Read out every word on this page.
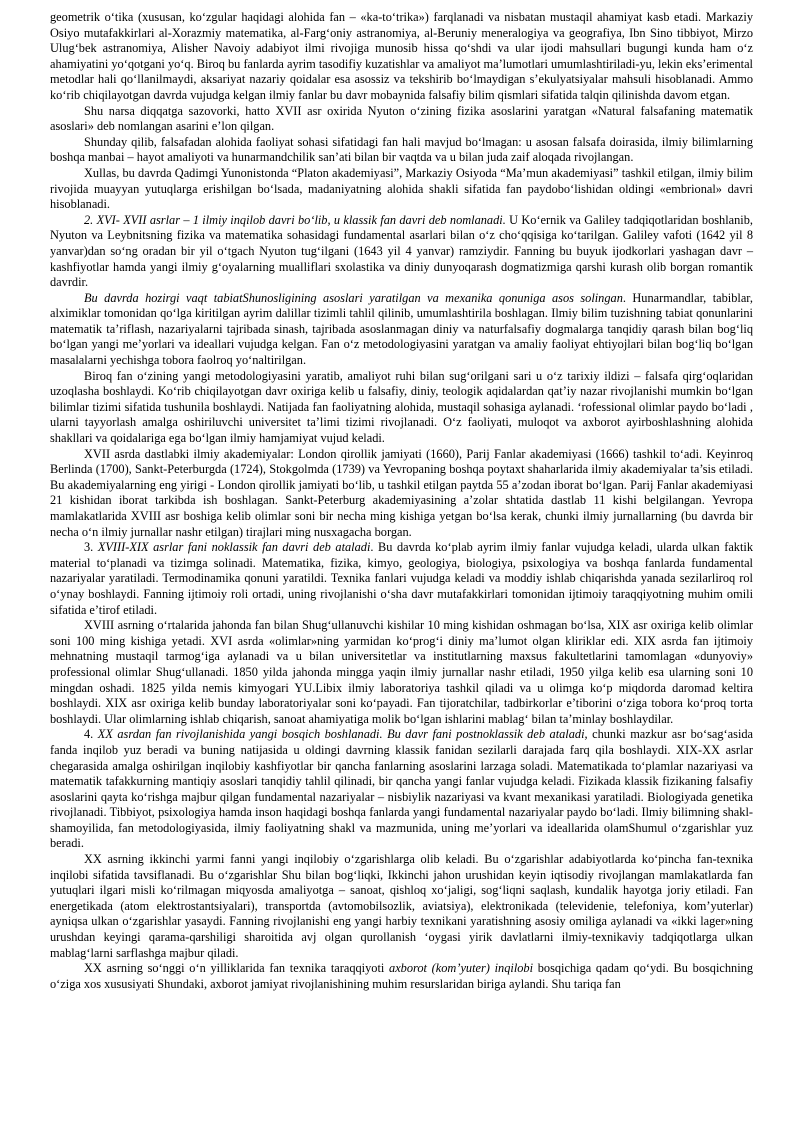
geometrik o‘tika (xususan, ko‘zgular haqidagi alohida fan – «ka-to‘trika») farqlanadi va nisbatan mustaqil ahamiyat kasb etadi. Markaziy Osiyo mutafakkirlari al-Xorazmiy matematika, al-Farg‘oniy astranomiya, al-Beruniy meneralogiya va geografiya, Ibn Sino tibbiyot, Mirzo Ulug‘bek astranomiya, Alisher Navoiy adabiyot ilmi rivojiga munosib hissa qo‘shdi va ular ijodi mahsullari bugungi kunda ham o‘z ahamiyatini yo‘qotgani yo‘q. Biroq bu fanlarda ayrim tasodifiy kuzatishlar va amaliyot ma’lumotlari umumlashtiriladi-yu, lekin eks’erimental metodlar hali qo‘llanilmaydi, aksariyat nazariy qoidalar esa asossiz va tekshirib bo‘lmaydigan s’ekulyatsiyalar mahsuli hisoblanadi. Ammo ko‘rib chiqilayotgan davrda vujudga kelgan ilmiy fanlar bu davr mobaynida falsafiy bilim qismlari sifatida talqin qilinishda davom etgan.

Shu narsa diqqatga sazovorki, hatto XVII asr oxirida Nyuton o‘zining fizika asoslarini yaratgan «Natural falsafaning matematik asoslari» deb nomlangan asarini e’lon qilgan.

Shunday qilib, falsafadan alohida faoliyat sohasi sifatidagi fan hali mavjud bo‘lmagan: u asosan falsafa doirasida, ilmiy bilimlarning boshqa manbai – hayot amaliyoti va hunarmandchilik san’ati bilan bir vaqtda va u bilan juda zaif aloqada rivojlangan.

Xullas, bu davrda Qadimgi Yunonistonda “Platon akademiyasi”, Markaziy Osiyoda “Ma’mun akademiyasi” tashkil etilgan, ilmiy bilim rivojida muayyan yutuqlarga erishilgan bo‘lsada, madaniyatning alohida shakli sifatida fan paydobo‘lishidan oldingi «embrional» davri hisoblanadi.

2. XVI- XVII asrlar – 1 ilmiy inqilob davri bo‘lib, u klassik fan davri deb nomlanadi. U Ko‘ernik va Galiley tadqiqotlaridan boshlanib, Nyuton va Leybnitsning fizika va matematika sohasidagi fundamental asarlari bilan o‘z cho‘qqisiga ko‘tarilgan. Galiley vafoti (1642 yil 8 yanvar)dan so‘ng oradan bir yil o‘tgach Nyuton tug‘ilgani (1643 yil 4 yanvar) ramziydir. Fanning bu buyuk ijodkorlari yashagan davr – kashfiyotlar hamda yangi ilmiy g‘oyalarning mualliflari sxolastika va diniy dunyoqarash dogmatizmiga qarshi kurash olib borgan romantik davrdir.

Bu davrda hozirgi vaqt tabiatShunosligining asoslari yaratilgan va mexanika qonuniga asos solingan. Hunarmandlar, tabiblar, alximiklar tomonidan qo‘lga kiritilgan ayrim dalillar tizimli tahlil qilinib, umumlashtirila boshlagan. Ilmiy bilim tuzishning tabiat qonunlarini matematik ta’riflash, nazariyalarni tajribada sinash, tajribada asoslanmagan diniy va naturfalsafiy dogmalarga tanqidiy qarash bilan bog‘liq bo‘lgan yangi me’yorlari va ideallari vujudga kelgan. Fan o‘z metodologiyasini yaratgan va amaliy faoliyat ehtiyojlari bilan bog‘liq bo‘lgan masalalarni yechishga tobora faolroq yo‘naltirilgan.

Biroq fan o‘zining yangi metodologiyasini yaratib, amaliyot ruhi bilan sug‘orilgani sari u o‘z tarixiy ildizi – falsafa qirg‘oqlaridan uzoqlasha boshlaydi. Ko‘rib chiqilayotgan davr oxiriga kelib u falsafiy, diniy, teologik aqidalardan qat’iy nazar rivojlanishi mumkin bo‘lgan bilimlar tizimi sifatida tushunila boshlaydi. Natijada fan faoliyatning alohida, mustaqil sohasiga aylanadi. ‘rofessional olimlar paydo bo‘ladi , ularni tayyorlash amalga oshiriluvchi universitet ta’limi tizimi rivojlanadi. O‘z faoliyati, muloqot va axborot ayirboshlashning alohida shakllari va qoidalariga ega bo‘lgan ilmiy hamjamiyat vujud keladi.

XVII asrda dastlabki ilmiy akademiyalar: London qirollik jamiyati (1660), Parij Fanlar akademiyasi (1666) tashkil to‘adi. Keyinroq Berlinda (1700), Sankt-Peterburgda (1724), Stokgolmda (1739) va Yevropaning boshqa poytaxt shaharlarida ilmiy akademiyalar ta’sis etiladi. Bu akademiyalarning eng yirigi - London qirollik jamiyati bo‘lib, u tashkil etilgan paytda 55 a’zodan iborat bo‘lgan. Parij Fanlar akademiyasi 21 kishidan iborat tarkibda ish boshlagan. Sankt-Peterburg akademiyasining a’zolar shtatida dastlab 11 kishi belgilangan. Yevropa mamlakatlarida XVIII asr boshiga kelib olimlar soni bir necha ming kishiga yetgan bo‘lsa kerak, chunki ilmiy jurnallarning (bu davrda bir necha o‘n ilmiy jurnallar nashr etilgan) tirajlari ming nusxagacha borgan.

3. XVIII-XIX asrlar fani noklassik fan davri deb ataladi. Bu davrda ko‘plab ayrim ilmiy fanlar vujudga keladi, ularda ulkan faktik material to‘planadi va tizimga solinadi. Matematika, fizika, kimyo, geologiya, biologiya, psixologiya va boshqa fanlarda fundamental nazariyalar yaratiladi. Termodinamika qonuni yaratildi. Texnika fanlari vujudga keladi va moddiy ishlab chiqarishda yanada sezilarliroq rol o‘ynay boshlaydi. Fanning ijtimoiy roli ortadi, uning rivojlanishi o‘sha davr mutafakkirlari tomonidan ijtimoiy taraqqiyotning muhim omili sifatida e’tirof etiladi.

XVIII asrning o‘rtalarida jahonda fan bilan Shug‘ullanuvchi kishilar 10 ming kishidan oshmagan bo‘lsa, XIX asr oxiriga kelib olimlar soni 100 ming kishiga yetadi. XVI asrda «olimlar»ning yarmidan ko‘prog‘i diniy ma’lumot olgan kliriklar edi. XIX asrda fan ijtimoiy mehnatning mustaqil tarmog‘iga aylanadi va u bilan universitetlar va institutlarning maxsus fakultetlarini tamomlagan «dunyoviy» professional olimlar Shug‘ullanadi. 1850 yilda jahonda mingga yaqin ilmiy jurnallar nashr etiladi, 1950 yilga kelib esa ularning soni 10 mingdan oshadi. 1825 yilda nemis kimyogari YU.Libix ilmiy laboratoriya tashkil qiladi va u olimga ko‘p miqdorda daromad keltira boshlaydi. XIX asr oxiriga kelib bunday laboratoriyalar soni ko‘payadi. Fan tijoratchilar, tadbirkorlar e’tiborini o‘ziga tobora ko‘proq torta boshlaydi. Ular olimlarning ishlab chiqarish, sanoat ahamiyatiga molik bo‘lgan ishlarini mablag‘ bilan ta’minlay boshlaydilar.

4. XX asrdan fan rivojlanishida yangi bosqich boshlanadi. Bu davr fani postnoklassik deb ataladi, chunki mazkur asr bo‘sag‘asida fanda inqilob yuz beradi va buning natijasida u oldingi davrning klassik fanidan sezilarli darajada farq qila boshlaydi. XIX-XX asrlar chegarasida amalga oshirilgan inqilobiy kashfiyotlar bir qancha fanlarning asoslarini larzaga soladi. Matematikada to‘plamlar nazariyasi va matematik tafakkurning mantiqiy asoslari tanqidiy tahlil qilinadi, bir qancha yangi fanlar vujudga keladi. Fizikada klassik fizikaning falsafiy asoslarini qayta ko‘rishga majbur qilgan fundamental nazariyalar – nisbiylik nazariyasi va kvant mexanikasi yaratiladi. Biologiyada genetika rivojlanadi. Tibbiyot, psixologiya hamda inson haqidagi boshqa fanlarda yangi fundamental nazariyalar paydo bo‘ladi. Ilmiy bilimning shakl-shamoyilida, fan metodologiyasida, ilmiy faoliyatning shakl va mazmunida, uning me’yorlari va ideallarida olamShumul o‘zgarishlar yuz beradi.

XX asrning ikkinchi yarmi fanni yangi inqilobiy o‘zgarishlarga olib keladi. Bu o‘zgarishlar adabiyotlarda ko‘pincha fan-texnika inqilobi sifatida tavsiflanadi. Bu o‘zgarishlar Shu bilan bog‘liqki, Ikkinchi jahon urushidan keyin iqtisodiy rivojlangan mamlakatlarda fan yutuqlari ilgari misli ko‘rilmagan miqyosda amaliyotga – sanoat, qishloq xo‘jaligi, sog‘liqni saqlash, kundalik hayotga joriy etiladi. Fan energetikada (atom elektrostantsiyalari), transportda (avtomobilsozlik, aviatsiya), elektronikada (televidenie, telefoniya, kom’yuterlar) ayniqsa ulkan o‘zgarishlar yasaydi. Fanning rivojlanishi eng yangi harbiy texnikani yaratishning asosiy omiliga aylanadi va «ikki lager»ning urushdan keyingi qarama-qarshiligi sharoitida avj olgan qurollanish ‘oygasi yirik davlatlarni ilmiy-texnikaviy tadqiqotlarga ulkan mablag‘larni sarflashga majbur qiladi.

XX asrning so‘nggi o‘n yilliklarida fan texnika taraqqiyoti axborot (kom’yuter) inqilobi bosqichiga qadam qo‘ydi. Bu bosqichning o‘ziga xos xususiyati Shundaki, axborot jamiyat rivojlanishining muhim resurslaridan biriga aylandi. Shu tariqa fan
